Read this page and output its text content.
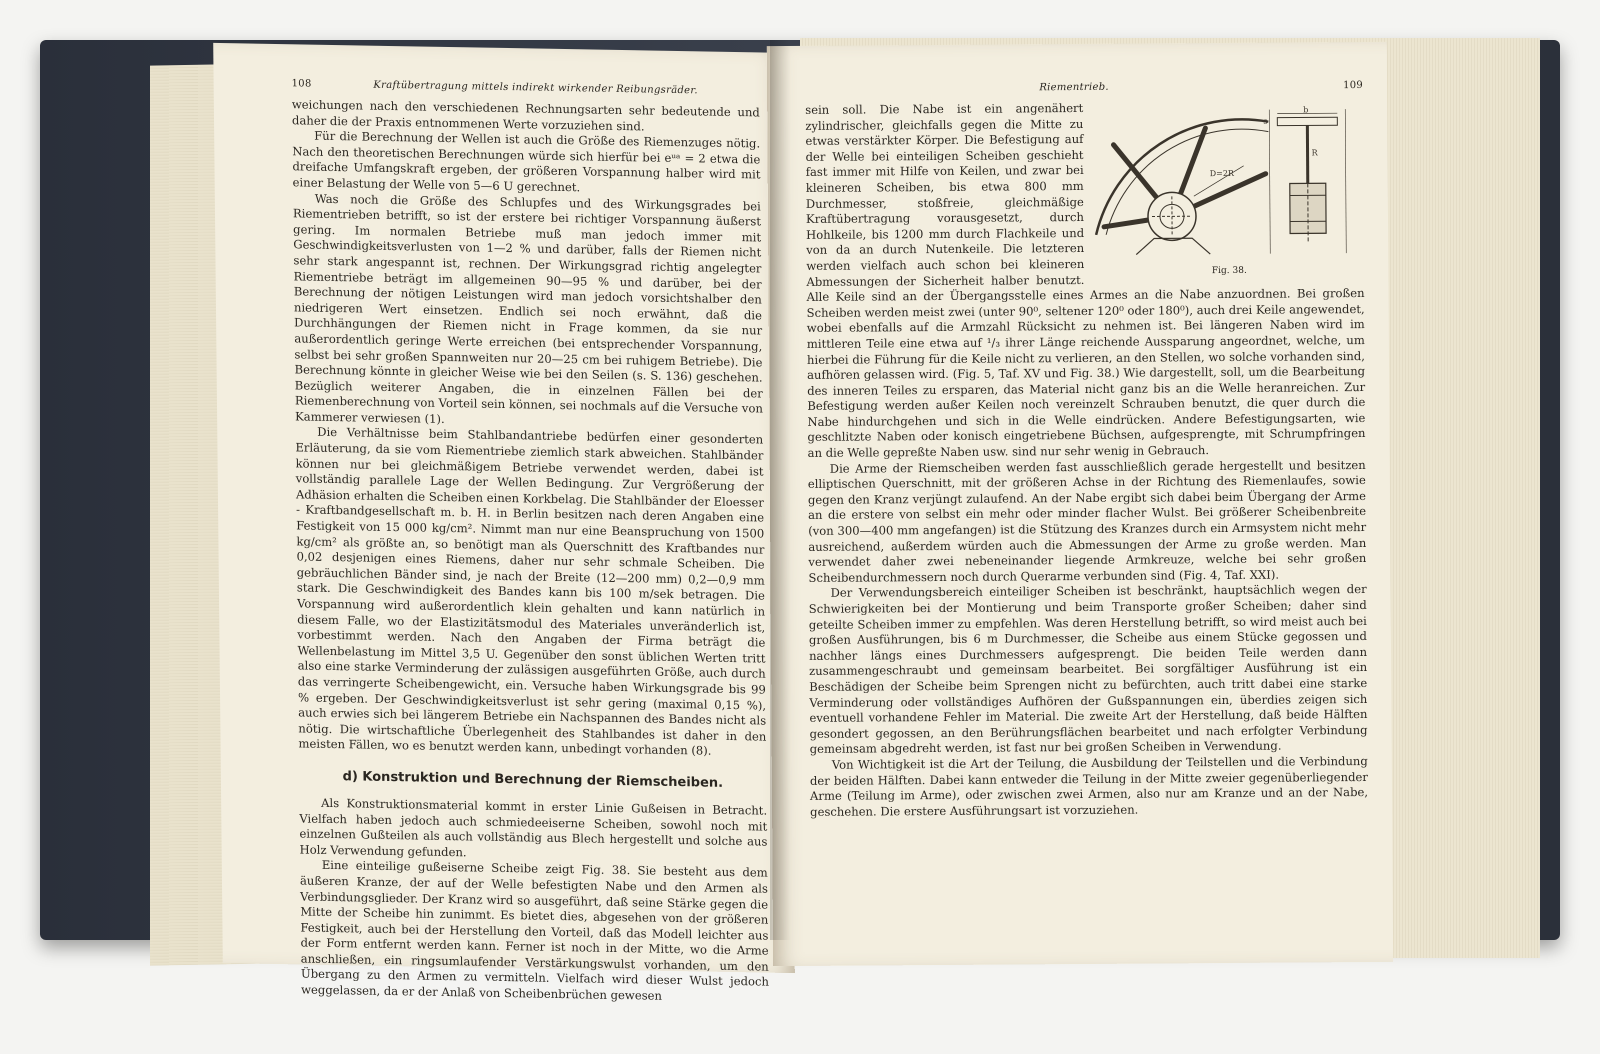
108	Kraftübertragung mittels indirekt wirkender Reibungsräder.

weichungen nach den verschiedenen Rechnungsarten sehr bedeutende und daher die der Praxis entnommenen Werte vorzuziehen sind.

Für die Berechnung der Wellen ist auch die Größe des Riemenzuges nötig. Nach den theoretischen Berechnungen würde sich hierfür bei eᵘᵃ = 2 etwa die dreifache Umfangskraft ergeben, der größeren Vorspannung halber wird mit einer Belastung der Welle von 5—6 U gerechnet.

Was noch die Größe des Schlupfes und des Wirkungsgrades bei Riementrieben betrifft, so ist der erstere bei richtiger Vorspannung äußerst gering. Im normalen Betriebe muß man jedoch immer mit Geschwindigkeitsverlusten von 1—2 % und darüber, falls der Riemen nicht sehr stark angespannt ist, rechnen. Der Wirkungsgrad richtig angelegter Riementriebe beträgt im allgemeinen 90—95 % und darüber, bei der Berechnung der nötigen Leistungen wird man jedoch vorsichtshalber den niedrigeren Wert einsetzen. Endlich sei noch erwähnt, daß die Durchhängungen der Riemen nicht in Frage kommen, da sie nur außerordentlich geringe Werte erreichen (bei entsprechender Vorspannung, selbst bei sehr großen Spannweiten nur 20—25 cm bei ruhigem Betriebe). Die Berechnung könnte in gleicher Weise wie bei den Seilen (s. S. 136) geschehen. Bezüglich weiterer Angaben, die in einzelnen Fällen bei der Riemenberechnung von Vorteil sein können, sei nochmals auf die Versuche von Kammerer verwiesen (1).

Die Verhältnisse beim Stahlbandantriebe bedürfen einer gesonderten Erläuterung, da sie vom Riementriebe ziemlich stark abweichen. Stahlbänder können nur bei gleichmäßigem Betriebe verwendet werden, dabei ist vollständig parallele Lage der Wellen Bedingung. Zur Vergrößerung der Adhäsion erhalten die Scheiben einen Korkbelag. Die Stahlbänder der Eloesser - Kraftbandgesellschaft m. b. H. in Berlin besitzen nach deren Angaben eine Festigkeit von 15 000 kg/cm². Nimmt man nur eine Beanspruchung von 1500 kg/cm² als größte an, so benötigt man als Querschnitt des Kraftbandes nur 0,02 desjenigen eines Riemens, daher nur sehr schmale Scheiben. Die gebräuchlichen Bänder sind, je nach der Breite (12—200 mm) 0,2—0,9 mm stark. Die Geschwindigkeit des Bandes kann bis 100 m/sek betragen. Die Vorspannung wird außerordentlich klein gehalten und kann natürlich in diesem Falle, wo der Elastizitätsmodul des Materiales unveränderlich ist, vorbestimmt werden. Nach den Angaben der Firma beträgt die Wellenbelastung im Mittel 3,5 U. Gegenüber den sonst üblichen Werten tritt also eine starke Verminderung der zulässigen ausgeführten Größe, auch durch das verringerte Scheibengewicht, ein. Versuche haben Wirkungsgrade bis 99 % ergeben. Der Geschwindigkeitsverlust ist sehr gering (maximal 0,15 %), auch erwies sich bei längerem Betriebe ein Nachspannen des Bandes nicht als nötig. Die wirtschaftliche Überlegenheit des Stahlbandes ist daher in den meisten Fällen, wo es benutzt werden kann, unbedingt vorhanden (8).

d) Konstruktion und Berechnung der Riemscheiben.

Als Konstruktionsmaterial kommt in erster Linie Gußeisen in Betracht. Vielfach haben jedoch auch schmiedeeiserne Scheiben, sowohl noch mit einzelnen Gußteilen als auch vollständig aus Blech hergestellt und solche aus Holz Verwendung gefunden.

Eine einteilige gußeiserne Scheibe zeigt Fig. 38. Sie besteht aus dem äußeren Kranze, der auf der Welle befestigten Nabe und den Armen als Verbindungsglieder. Der Kranz wird so ausgeführt, daß seine Stärke gegen die Mitte der Scheibe hin zunimmt. Es bietet dies, abgesehen von der größeren Festigkeit, auch bei der Herstellung den Vorteil, daß das Modell leichter aus der Form entfernt werden kann. Ferner ist noch in der Mitte, wo die Arme anschließen, ein ringsumlaufender Verstärkungswulst vorhanden, um den Übergang zu den Armen zu vermitteln. Vielfach wird dieser Wulst jedoch weggelassen, da er der Anlaß von Scheibenbrüchen gewesen

Riementrieb.	109
D=2R
b
s
R
Fig. 38.

sein soll. Die Nabe ist ein angenähert zylindrischer, gleichfalls gegen die Mitte zu etwas verstärkter Körper. Die Befestigung auf der Welle bei einteiligen Scheiben geschieht fast immer mit Hilfe von Keilen, und zwar bei kleineren Scheiben, bis etwa 800 mm Durchmesser, stoßfreie, gleichmäßige Kraftübertragung vorausgesetzt, durch Hohlkeile, bis 1200 mm durch Flachkeile und von da an durch Nutenkeile. Die letzteren werden vielfach auch schon bei kleineren Abmessungen der Sicherheit halber benutzt. Alle Keile sind an der Übergangsstelle eines Armes an die Nabe anzuordnen. Bei großen Scheiben werden meist zwei (unter 90⁰, seltener 120⁰ oder 180⁰), auch drei Keile angewendet, wobei ebenfalls auf die Armzahl Rücksicht zu nehmen ist. Bei längeren Naben wird im mittleren Teile eine etwa auf ¹/₃ ihrer Länge reichende Aussparung angeordnet, welche, um hierbei die Führung für die Keile nicht zu verlieren, an den Stellen, wo solche vorhanden sind, aufhören gelassen wird. (Fig. 5, Taf. XV und Fig. 38.) Wie dargestellt, soll, um die Bearbeitung des inneren Teiles zu ersparen, das Material nicht ganz bis an die Welle heranreichen. Zur Befestigung werden außer Keilen noch vereinzelt Schrauben benutzt, die quer durch die Nabe hindurchgehen und sich in die Welle eindrücken. Andere Befestigungsarten, wie geschlitzte Naben oder konisch eingetriebene Büchsen, aufgesprengte, mit Schrumpfringen an die Welle gepreßte Naben usw. sind nur sehr wenig in Gebrauch.

Die Arme der Riemscheiben werden fast ausschließlich gerade hergestellt und besitzen elliptischen Querschnitt, mit der größeren Achse in der Richtung des Riemenlaufes, sowie gegen den Kranz verjüngt zulaufend. An der Nabe ergibt sich dabei beim Übergang der Arme an die erstere von selbst ein mehr oder minder flacher Wulst. Bei größerer Scheibenbreite (von 300—400 mm angefangen) ist die Stützung des Kranzes durch ein Armsystem nicht mehr ausreichend, außerdem würden auch die Abmessungen der Arme zu große werden. Man verwendet daher zwei nebeneinander liegende Armkreuze, welche bei sehr großen Scheibendurchmessern noch durch Querarme verbunden sind (Fig. 4, Taf. XXI).

Der Verwendungsbereich einteiliger Scheiben ist beschränkt, hauptsächlich wegen der Schwierigkeiten bei der Montierung und beim Transporte großer Scheiben; daher sind geteilte Scheiben immer zu empfehlen. Was deren Herstellung betrifft, so wird meist auch bei großen Ausführungen, bis 6 m Durchmesser, die Scheibe aus einem Stücke gegossen und nachher längs eines Durchmessers aufgesprengt. Die beiden Teile werden dann zusammengeschraubt und gemeinsam bearbeitet. Bei sorgfältiger Ausführung ist ein Beschädigen der Scheibe beim Sprengen nicht zu befürchten, auch tritt dabei eine starke Verminderung oder vollständiges Aufhören der Gußspannungen ein, überdies zeigen sich eventuell vorhandene Fehler im Material. Die zweite Art der Herstellung, daß beide Hälften gesondert gegossen, an den Berührungsflächen bearbeitet und nach erfolgter Verbindung gemeinsam abgedreht werden, ist fast nur bei großen Scheiben in Verwendung.

Von Wichtigkeit ist die Art der Teilung, die Ausbildung der Teilstellen und die Verbindung der beiden Hälften. Dabei kann entweder die Teilung in der Mitte zweier gegenüberliegender Arme (Teilung im Arme), oder zwischen zwei Armen, also nur am Kranze und an der Nabe, geschehen. Die erstere Ausführungsart ist vorzuziehen.
